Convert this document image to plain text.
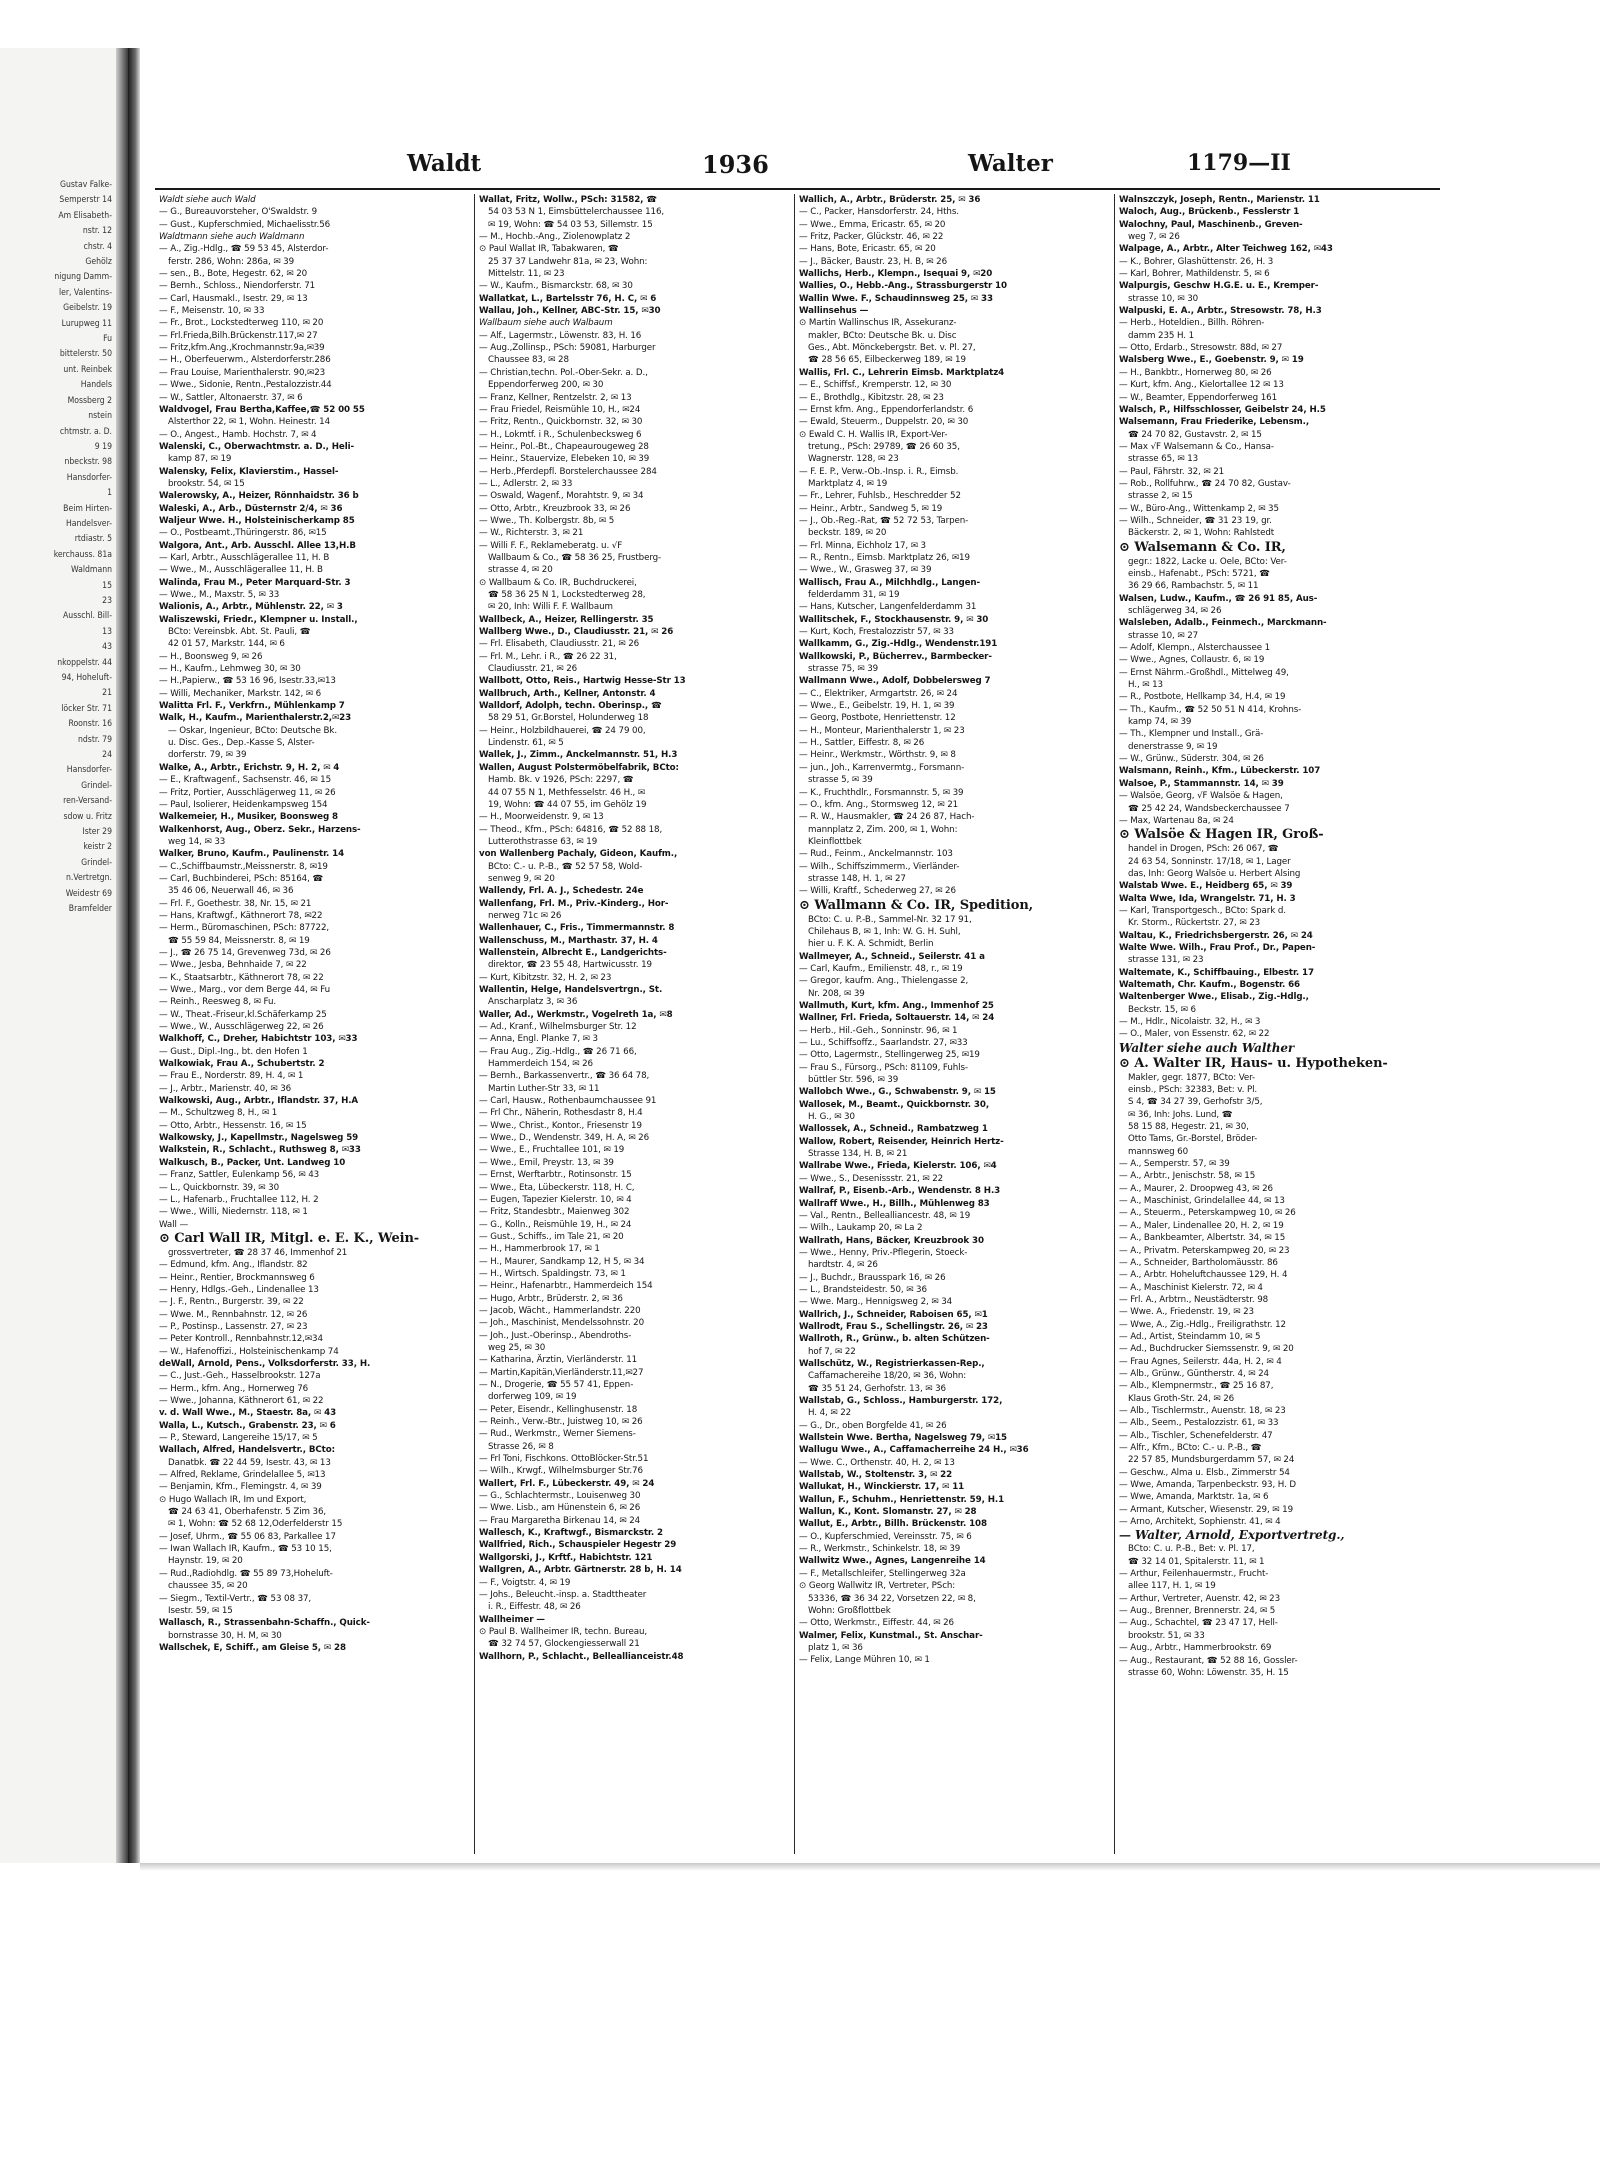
Gustav Falke-
Semperstr 14
Am Elisabeth-
nstr. 12
chstr. 4
Gehölz
nigung Damm-
ler, Valentins-
Geibelstr. 19
Lurupweg 11
Fu
bittelerstr. 50
unt. Reinbek
Handels
Mossberg 2
nstein
chtmstr. a. D.
9 19
nbeckstr. 98
Hansdorfer-
1
Beim Hirten-
Handelsver-
rtdiastr. 5
kerchauss. 81a
Waldmann
15
23
Ausschl. Bill-
13
43
nkoppelstr. 44
94, Hoheluft-
21
löcker Str. 71
Roonstr. 16
ndstr. 79
24
Hansdorfer-
Grindel-
ren-Versand-
sdow u. Fritz
Ister 29
keistr 2
Grindel-
n.Vertretgn.
Weidestr 69
Bramfelder
Waldt	1936	Walter	1179—II
Waldt siehe auch Wald
— G., Bureauvorsteher, O'Swaldstr. 9
— Gust., Kupferschmied, Michaelisstr.56
Waldtmann siehe auch Waldmann
— A., Zig.-Hdlg., ☎ 59 53 45, Alsterdor-
ferstr. 286, Wohn: 286a, ✉ 39
— sen., B., Bote, Hegestr. 62, ✉ 20
— Bernh., Schloss., Niendorferstr. 71
— Carl, Hausmakl., Isestr. 29, ✉ 13
— F., Meisenstr. 10, ✉ 33
— Fr., Brot., Lockstedterweg 110, ✉ 20
— Frl.Frieda,Bilh.Brückenstr.117,✉ 27
— Fritz,kfm.Ang.,Krochmannstr.9a,✉39
— H., Oberfeuerwm., Alsterdorferstr.286
— Frau Louise, Marienthalerstr. 90,✉23
— Wwe., Sidonie, Rentn.,Pestalozzistr.44
— W., Sattler, Altonaerstr. 37, ✉ 6
Waldvogel, Frau Bertha,Kaffee,☎ 52 00 55
Alsterthor 22, ✉ 1, Wohn. Heinestr. 14
— O., Angest., Hamb. Hochstr. 7, ✉ 4
Walenski, C., Oberwachtmstr. a. D., Heli-
kamp 87, ✉ 19
Walensky, Felix, Klavierstim., Hassel-
brookstr. 54, ✉ 15
Walerowsky, A., Heizer, Rönnhaidstr. 36 b
Waleski, A., Arb., Düsternstr 2/4, ✉ 36
Waljeur Wwe. H., Holsteinischerkamp 85
— O., Postbeamt.,Thüringerstr. 86, ✉15
Walgora, Ant., Arb. Ausschl. Allee 13,H.B
— Karl, Arbtr., Ausschlägerallee 11, H. B
— Wwe., M., Ausschlägerallee 11, H. B
Walinda, Frau M., Peter Marquard-Str. 3
— Wwe., M., Maxstr. 5, ✉ 33
Walionis, A., Arbtr., Mühlenstr. 22, ✉ 3
Waliszewski, Friedr., Klempner u. Install.,
BCto: Vereinsbk. Abt. St. Pauli, ☎
42 01 57, Markstr. 144, ✉ 6
— H., Boonsweg 9, ✉ 26
— H., Kaufm., Lehmweg 30, ✉ 30
— H.,Papierw., ☎ 53 16 96, Isestr.33,✉13
— Willi, Mechaniker, Markstr. 142, ✉ 6
Walitta Frl. F., Verkfrn., Mühlenkamp 7
Walk, H., Kaufm., Marienthalerstr.2,✉23
— Oskar, Ingenieur, BCto: Deutsche Bk.
u. Disc. Ges., Dep.-Kasse S, Alster-
dorferstr. 79, ✉ 39
Walke, A., Arbtr., Erichstr. 9, H. 2, ✉ 4
— E., Kraftwagenf., Sachsenstr. 46, ✉ 15
— Fritz, Portier, Ausschlägerweg 11, ✉ 26
— Paul, Isolierer, Heidenkampsweg 154
Walkemeier, H., Musiker, Boonsweg 8
Walkenhorst, Aug., Oberz. Sekr., Harzens-
weg 14, ✉ 33
Walker, Bruno, Kaufm., Paulinenstr. 14
— C.,Schiffbaumstr.,Meissnerstr. 8, ✉19
— Carl, Buchbinderei, PSch: 85164, ☎
35 46 06, Neuerwall 46, ✉ 36
— Frl. F., Goethestr. 38, Nr. 15, ✉ 21
— Hans, Kraftwgf., Käthnerort 78, ✉22
— Herm., Büromaschinen, PSch: 87722,
☎ 55 59 84, Meissnerstr. 8, ✉ 19
— J., ☎ 26 75 14, Grevenweg 73d, ✉ 26
— Wwe., Jesba, Behnhaide 7, ✉ 22
— K., Staatsarbtr., Käthnerort 78, ✉ 22
— Wwe., Marg., vor dem Berge 44, ✉ Fu
— Reinh., Reesweg 8, ✉ Fu.
— W., Theat.-Friseur,kl.Schäferkamp 25
— Wwe., W., Ausschlägerweg 22, ✉ 26
Walkhoff, C., Dreher, Habichtstr 103, ✉33
— Gust., Dipl.-Ing., bt. den Hofen 1
Walkowiak, Frau A., Schubertstr. 2
— Frau E., Norderstr. 89, H. 4, ✉ 1
— J., Arbtr., Marienstr. 40, ✉ 36
Walkowski, Aug., Arbtr., Iflandstr. 37, H.A
— M., Schultzweg 8, H., ✉ 1
— Otto, Arbtr., Hessenstr. 16, ✉ 15
Walkowsky, J., Kapellmstr., Nagelsweg 59
Walkstein, R., Schlacht., Ruthsweg 8, ✉33
Walkusch, B., Packer, Unt. Landweg 10
— Franz, Sattler, Eulenkamp 56, ✉ 43
— L., Quickbornstr. 39, ✉ 30
— L., Hafenarb., Fruchtallee 112, H. 2
— Wwe., Willi, Niedernstr. 118, ✉ 1
Wall —
⊙ Carl Wall IR, Mitgl. e. E. K., Wein-
grossvertreter, ☎ 28 37 46, Immenhof 21
— Edmund, kfm. Ang., Iflandstr. 82
— Heinr., Rentier, Brockmannsweg 6
— Henry, Hdlgs.-Geh., Lindenallee 13
— J. F., Rentn., Burgerstr. 39, ✉ 22
— Wwe. M., Rennbahnstr. 12, ✉ 26
— P., Postinsp., Lassenstr. 27, ✉ 23
— Peter Kontroll., Rennbahnstr.12,✉34
— W., Hafenoffizi., Holsteinischenkamp 74
deWall, Arnold, Pens., Volksdorferstr. 33, H.
— C., Just.-Geh., Hasselbrookstr. 127a
— Herm., kfm. Ang., Hornerweg 76
— Wwe., Johanna, Käthnerort 61, ✉ 22
v. d. Wall Wwe., M., Staestr. 8a, ✉ 43
Walla, L., Kutsch., Grabenstr. 23, ✉ 6
— P., Steward, Langereihe 15/17, ✉ 5
Wallach, Alfred, Handelsvertr., BCto:
Danatbk. ☎ 22 44 59, Isestr. 43, ✉ 13
— Alfred, Reklame, Grindelallee 5, ✉13
— Benjamin, Kfm., Flemingstr. 4, ✉ 39
⊙ Hugo Wallach IR, Im und Export,
☎ 24 63 41, Oberhafenstr. 5 Zim 36,
✉ 1, Wohn: ☎ 52 68 12,Oderfelderstr 15
— Josef, Uhrm., ☎ 55 06 83, Parkallee 17
— Iwan Wallach IR, Kaufm., ☎ 53 10 15,
Haynstr. 19, ✉ 20
— Rud.,Radiohdlg. ☎ 55 89 73,Hoheluft-
chaussee 35, ✉ 20
— Siegm., Textil-Vertr., ☎ 53 08 37,
Isestr. 59, ✉ 15
Wallasch, R., Strassenbahn-Schaffn., Quick-
bornstrasse 30, H. M, ✉ 30
Wallschek, E, Schiff., am Gleise 5, ✉ 28
Wallat, Fritz, Wollw., PSch: 31582, ☎
54 03 53 N 1, Eimsbüttelerchaussee 116,
✉ 19, Wohn: ☎ 54 03 53, Sillemstr. 15
— M., Hochb.-Ang., Ziolenowplatz 2
⊙ Paul Wallat IR, Tabakwaren, ☎
25 37 37 Landwehr 81a, ✉ 23, Wohn:
Mittelstr. 11, ✉ 23
— W., Kaufm., Bismarckstr. 68, ✉ 30
Wallatkat, L., Bartelsstr 76, H. C, ✉ 6
Wallau, Joh., Kellner, ABC-Str. 15, ✉30
Wallbaum siehe auch Walbaum
— Alf., Lagermstr., Löwenstr. 83, H. 16
— Aug.,Zollinsp., PSch: 59081, Harburger
Chaussee 83, ✉ 28
— Christian,techn. Pol.-Ober-Sekr. a. D.,
Eppendorferweg 200, ✉ 30
— Franz, Kellner, Rentzelstr. 2, ✉ 13
— Frau Friedel, Reismühle 10, H., ✉24
— Fritz, Rentn., Quickbornstr. 32, ✉ 30
— H., Lokmtf. i R., Schulenbecksweg 6
— Heinr., Pol.-Bt., Chapeaurougeweg 28
— Heinr., Stauervize, Elebeken 10, ✉ 39
— Herb.,Pferdepfl. Borstelerchaussee 284
— L., Adlerstr. 2, ✉ 33
— Oswald, Wagenf., Morahtstr. 9, ✉ 34
— Otto, Arbtr., Kreuzbrook 33, ✉ 26
— Wwe., Th. Kolbergstr. 8b, ✉ 5
— W., Richterstr. 3, ✉ 21
— Willi F. F., Reklameberatg. u. √F
Wallbaum & Co., ☎ 58 36 25, Frustberg-
strasse 4, ✉ 20
⊙ Wallbaum & Co. IR, Buchdruckerei,
☎ 58 36 25 N 1, Lockstedterweg 28,
✉ 20, Inh: Willi F. F. Wallbaum
Wallbeck, A., Heizer, Rellingerstr. 35
Wallberg Wwe., D., Claudiusstr. 21, ✉ 26
— Frl. Elisabeth, Claudiusstr. 21, ✉ 26
— Frl. M., Lehr. i R., ☎ 26 22 31,
Claudiusstr. 21, ✉ 26
Wallbott, Otto, Reis., Hartwig Hesse-Str 13
Wallbruch, Arth., Kellner, Antonstr. 4
Walldorf, Adolph, techn. Oberinsp., ☎
58 29 51, Gr.Borstel, Holunderweg 18
— Heinr., Holzbildhauerei, ☎ 24 79 00,
Lindenstr. 61, ✉ 5
Wallek, J., Zimm., Anckelmannstr. 51, H.3
Wallen, August Polstermöbelfabrik, BCto:
Hamb. Bk. v 1926, PSch: 2297, ☎
44 07 55 N 1, Methfesselstr. 46 H., ✉
19, Wohn: ☎ 44 07 55, im Gehölz 19
— H., Moorweidenstr. 9, ✉ 13
— Theod., Kfm., PSch: 64816, ☎ 52 88 18,
Lutterothstrasse 63, ✉ 19
von Wallenberg Pachaly, Gideon, Kaufm.,
BCto: C.- u. P.-B., ☎ 52 57 58, Wold-
senweg 9, ✉ 20
Wallendy, Frl. A. J., Schedestr. 24e
Wallenfang, Frl. M., Priv.-Kinderg., Hor-
nerweg 71c ✉ 26
Wallenhauer, C., Fris., Timmermannstr. 8
Wallenschuss, M., Marthastr. 37, H. 4
Wallenstein, Albrecht E., Landgerichts-
direktor, ☎ 23 55 48, Hartwicusstr. 19
— Kurt, Kibitzstr. 32, H. 2, ✉ 23
Wallentin, Helge, Handelsvertrgn., St.
Anscharplatz 3, ✉ 36
Waller, Ad., Werkmstr., Vogelreth 1a, ✉8
— Ad., Kranf., Wilhelmsburger Str. 12
— Anna, Engl. Planke 7, ✉ 3
— Frau Aug., Zig.-Hdlg., ☎ 26 71 66,
Hammerdeich 154, ✉ 26
— Bernh., Barkassenvertr., ☎ 36 64 78,
Martin Luther-Str 33, ✉ 11
— Carl, Hausw., Rothenbaumchaussee 91
— Frl Chr., Näherin, Rothesdastr 8, H.4
— Wwe., Christ., Kontor., Friesenstr 19
— Wwe., D., Wendenstr. 349, H. A, ✉ 26
— Wwe., E., Fruchtallee 101, ✉ 19
— Wwe., Emil, Preystr. 13, ✉ 39
— Ernst, Werftarbtr., Rotinsonstr. 15
— Wwe., Eta, Lübeckerstr. 118, H. C,
— Eugen, Tapezier Kielerstr. 10, ✉ 4
— Fritz, Standesbtr., Maienweg 302
— G., Kolln., Reismühle 19, H., ✉ 24
— Gust., Schiffs., im Tale 21, ✉ 20
— H., Hammerbrook 17, ✉ 1
— H., Maurer, Sandkamp 12, H 5, ✉ 34
— H., Wirtsch. Spaldingstr. 73, ✉ 1
— Heinr., Hafenarbtr., Hammerdeich 154
— Hugo, Arbtr., Brüderstr. 2, ✉ 36
— Jacob, Wächt., Hammerlandstr. 220
— Joh., Maschinist, Mendelssohnstr. 20
— Joh., Just.-Oberinsp., Abendroths-
weg 25, ✉ 30
— Katharina, Ärztin, Vierländerstr. 11
— Martin,Kapitän,Vierländerstr.11,✉27
— N., Drogerie, ☎ 55 57 41, Eppen-
dorferweg 109, ✉ 19
— Peter, Eisendr., Kellinghusenstr. 18
— Reinh., Verw.-Btr., Juistweg 10, ✉ 26
— Rud., Werkmstr., Werner Siemens-
Strasse 26, ✉ 8
— Frl Toni, Fischkons. OttoBlöcker-Str.51
— Wilh., Krwgf., Wilhelmsburger Str.76
Wallert, Frl. F., Lübeckerstr. 49, ✉ 24
— G., Schlachtermstr., Louisenweg 30
— Wwe. Lisb., am Hünenstein 6, ✉ 26
— Frau Margaretha Birkenau 14, ✉ 24
Wallesch, K., Kraftwgf., Bismarckstr. 2
Wallfried, Rich., Schauspieler Hegestr 29
Wallgorski, J., Krftf., Habichtstr. 121
Wallgren, A., Arbtr. Gärtnerstr. 28 b, H. 14
— F., Voigtstr. 4, ✉ 19
— Johs., Beleucht.-insp. a. Stadttheater
i. R., Eiffestr. 48, ✉ 26
Wallheimer —
⊙ Paul B. Wallheimer IR, techn. Bureau,
☎ 32 74 57, Glockengiesserwall 21
Wallhorn, P., Schlacht., Belleallianceistr.48
Wallich, A., Arbtr., Brüderstr. 25, ✉ 36
— C., Packer, Hansdorferstr. 24, Hths.
— Wwe., Emma, Ericastr. 65, ✉ 20
— Fritz, Packer, Glückstr. 46, ✉ 22
— Hans, Bote, Ericastr. 65, ✉ 20
— J., Bäcker, Baustr. 23, H. B, ✉ 26
Wallichs, Herb., Klempn., Isequai 9, ✉20
Wallies, O., Hebb.-Ang., Strassburgerstr 10
Wallin Wwe. F., Schaudinnsweg 25, ✉ 33
Wallinsehus —
⊙ Martin Wallinschus IR, Assekuranz-
makler, BCto: Deutsche Bk. u. Disc
Ges., Abt. Mönckebergstr. Bet. v. Pl. 27,
☎ 28 56 65, Eilbeckerweg 189, ✉ 19
Wallis, Frl. C., Lehrerin Eimsb. Marktplatz4
— E., Schiffsf., Kremperstr. 12, ✉ 30
— E., Brothdlg., Kibitzstr. 28, ✉ 23
— Ernst kfm. Ang., Eppendorferlandstr. 6
— Ewald, Steuerm., Duppelstr. 20, ✉ 30
⊙ Ewald C. H. Wallis IR, Export-Ver-
tretung., PSch: 29789, ☎ 26 60 35,
Wagnerstr. 128, ✉ 23
— F. E. P., Verw.-Ob.-Insp. i. R., Eimsb.
Marktplatz 4, ✉ 19
— Fr., Lehrer, Fuhlsb., Heschredder 52
— Heinr., Arbtr., Sandweg 5, ✉ 19
— J., Ob.-Reg.-Rat, ☎ 52 72 53, Tarpen-
beckstr. 189, ✉ 20
— Frl. Minna, Eichholz 17, ✉ 3
— R., Rentn., Eimsb. Marktplatz 26, ✉19
— Wwe., W., Grasweg 37, ✉ 39
Wallisch, Frau A., Milchhdlg., Langen-
felderdamm 31, ✉ 19
— Hans, Kutscher, Langenfelderdamm 31
Wallitschek, F., Stockhausenstr. 9, ✉ 30
— Kurt, Koch, Frestalozzistr 57, ✉ 33
Wallkamm, G., Zig.-Hdlg., Wendenstr.191
Wallkowski, P., Bücherrev., Barmbecker-
strasse 75, ✉ 39
Wallmann Wwe., Adolf, Dobbelersweg 7
— C., Elektriker, Armgartstr. 26, ✉ 24
— Wwe., E., Geibelstr. 19, H. 1, ✉ 39
— Georg, Postbote, Henriettenstr. 12
— H., Monteur, Marienthalerstr 1, ✉ 23
— H., Sattler, Eiffestr. 8, ✉ 26
— Heinr., Werkmstr., Wörthstr. 9, ✉ 8
— jun., Joh., Karrenvermtg., Forsmann-
strasse 5, ✉ 39
— K., Fruchthdlr., Forsmannstr. 5, ✉ 39
— O., kfm. Ang., Stormsweg 12, ✉ 21
— R. W., Hausmakler, ☎ 24 26 87, Hach-
mannplatz 2, Zim. 200, ✉ 1, Wohn:
Kleinflottbek
— Rud., Feinm., Anckelmannstr. 103
— Wilh., Schiffszimmerm., Vierländer-
strasse 148, H. 1, ✉ 27
— Willi, Kraftf., Schederweg 27, ✉ 26
⊙ Wallmann & Co. IR, Spedition,
BCto: C. u. P.-B., Sammel-Nr. 32 17 91,
Chilehaus B, ✉ 1, Inh: W. G. H. Suhl,
hier u. F. K. A. Schmidt, Berlin
Wallmeyer, A., Schneid., Seilerstr. 41 a
— Carl, Kaufm., Emilienstr. 48, r., ✉ 19
— Gregor, kaufm. Ang., Thielengasse 2,
Nr. 208, ✉ 39
Wallmuth, Kurt, kfm. Ang., Immenhof 25
Wallner, Frl. Frieda, Soltauerstr. 14, ✉ 24
— Herb., Hil.-Geh., Sonninstr. 96, ✉ 1
— Lu., Schiffsoffz., Saarlandstr. 27, ✉33
— Otto, Lagermstr., Stellingerweg 25, ✉19
— Frau S., Fürsorg., PSch: 81109, Fuhls-
büttler Str. 596, ✉ 39
Wallobch Wwe., G., Schwabenstr. 9, ✉ 15
Wallosek, M., Beamt., Quickbornstr. 30,
H. G., ✉ 30
Wallossek, A., Schneid., Rambatzweg 1
Wallow, Robert, Reisender, Heinrich Hertz-
Strasse 134, H. B, ✉ 21
Wallrabe Wwe., Frieda, Kielerstr. 106, ✉4
— Wwe., S., Desenissstr. 21, ✉ 22
Wallraf, P., Eisenb.-Arb., Wendenstr. 8 H.3
Wallraff Wwe., H., Billh., Mühlenweg 83
— Val., Rentn., Bellealliancestr. 48, ✉ 19
— Wilh., Laukamp 20, ✉ La 2
Wallrath, Hans, Bäcker, Kreuzbrook 30
— Wwe., Henny, Priv.-Pflegerin, Stoeck-
hardtstr. 4, ✉ 26
— J., Buchdr., Brausspark 16, ✉ 26
— L., Brandsteidestr. 50, ✉ 36
— Wwe. Marg., Hennigsweg 2, ✉ 34
Wallrich, J., Schneider, Raboisen 65, ✉1
Wallrodt, Frau S., Schellingstr. 26, ✉ 23
Wallroth, R., Grünw., b. alten Schützen-
hof 7, ✉ 22
Wallschütz, W., Registrierkassen-Rep.,
Caffamachereihe 18/20, ✉ 36, Wohn:
☎ 35 51 24, Gerhofstr. 13, ✉ 36
Wallstab, G., Schloss., Hamburgerstr. 172,
H. 4, ✉ 22
— G., Dr., oben Borgfelde 41, ✉ 26
Wallstein Wwe. Bertha, Nagelsweg 79, ✉15
Wallugu Wwe., A., Caffamacherreihe 24 H., ✉36
— Wwe. C., Orthenstr. 40, H. 2, ✉ 13
Wallstab, W., Stoltenstr. 3, ✉ 22
Wallukat, H., Winckierstr. 17, ✉ 11
Wallun, F., Schuhm., Henriettenstr. 59, H.1
Wallun, K., Kont. Slomanstr. 27, ✉ 28
Wallut, E., Arbtr., Billh. Brückenstr. 108
— O., Kupferschmied, Vereinsstr. 75, ✉ 6
— R., Werkmstr., Schinkelstr. 18, ✉ 39
Wallwitz Wwe., Agnes, Langenreihe 14
— F., Metallschleifer, Stellingerweg 32a
⊙ Georg Wallwitz IR, Vertreter, PSch:
53336, ☎ 36 34 22, Vorsetzen 22, ✉ 8,
Wohn: Großflottbek
— Otto, Werkmstr., Eiffestr. 44, ✉ 26
Walmer, Felix, Kunstmal., St. Anschar-
platz 1, ✉ 36
— Felix, Lange Mühren 10, ✉ 1
Walnszczyk, Joseph, Rentn., Marienstr. 11
Waloch, Aug., Brückenb., Fesslerstr 1
Walochny, Paul, Maschinenb., Greven-
weg 7, ✉ 26
Walpage, A., Arbtr., Alter Teichweg 162, ✉43
— K., Bohrer, Glashüttenstr. 26, H. 3
— Karl, Bohrer, Mathildenstr. 5, ✉ 6
Walpurgis, Geschw H.G.E. u. E., Kremper-
strasse 10, ✉ 30
Walpuski, E. A., Arbtr., Stresowstr. 78, H.3
— Herb., Hoteldien., Billh. Röhren-
damm 235 H. 1
— Otto, Erdarb., Stresowstr. 88d, ✉ 27
Walsberg Wwe., E., Goebenstr. 9, ✉ 19
— H., Bankbtr., Hornerweg 80, ✉ 26
— Kurt, kfm. Ang., Kielortallee 12 ✉ 13
— W., Beamter, Eppendorferweg 161
Walsch, P., Hilfsschlosser, Geibelstr 24, H.5
Walsemann, Frau Friederike, Lebensm.,
☎ 24 70 82, Gustavstr. 2, ✉ 15
— Max √F Walsemann & Co., Hansa-
strasse 65, ✉ 13
— Paul, Fährstr. 32, ✉ 21
— Rob., Rollfuhrw., ☎ 24 70 82, Gustav-
strasse 2, ✉ 15
— W., Büro-Ang., Wittenkamp 2, ✉ 35
— Wilh., Schneider, ☎ 31 23 19, gr.
Bäckerstr. 2, ✉ 1, Wohn: Rahlstedt
⊙ Walsemann & Co. IR,
gegr.: 1822, Lacke u. Oele, BCto: Ver-
einsb., Hafenabt., PSch: 5721, ☎
36 29 66, Rambachstr. 5, ✉ 11
Walsen, Ludw., Kaufm., ☎ 26 91 85, Aus-
schlägerweg 34, ✉ 26
Walsleben, Adalb., Feinmech., Marckmann-
strasse 10, ✉ 27
— Adolf, Klempn., Alsterchaussee 1
— Wwe., Agnes, Collaustr. 6, ✉ 19
— Ernst Nährm.-Großhdl., Mittelweg 49,
H., ✉ 13
— R., Postbote, Hellkamp 34, H.4, ✉ 19
— Th., Kaufm., ☎ 52 50 51 N 414, Krohns-
kamp 74, ✉ 39
— Th., Klempner und Install., Grä-
denerstrasse 9, ✉ 19
— W., Grünw., Süderstr. 304, ✉ 26
Walsmann, Reinh., Kfm., Lübeckerstr. 107
Walsoe, P., Stammannstr. 14, ✉ 39
— Walsöe, Georg, √F Walsöe & Hagen,
☎ 25 42 24, Wandsbeckerchaussee 7
— Max, Wartenau 8a, ✉ 24
⊙ Walsöe & Hagen IR, Groß-
handel in Drogen, PSch: 26 067, ☎
24 63 54, Sonninstr. 17/18, ✉ 1, Lager
das, Inh: Georg Walsöe u. Herbert Alsing
Walstab Wwe. E., Heidberg 65, ✉ 39
Walta Wwe, Ida, Wrangelstr. 71, H. 3
— Karl, Transportgesch., BCto: Spark d.
Kr. Storm., Rückertstr. 27, ✉ 23
Waltau, K., Friedrichsbergerstr. 26, ✉ 24
Walte Wwe. Wilh., Frau Prof., Dr., Papen-
strasse 131, ✉ 23
Waltemate, K., Schiffbauing., Elbestr. 17
Waltemath, Chr. Kaufm., Bogenstr. 66
Waltenberger Wwe., Elisab., Zig.-Hdlg.,
Beckstr. 15, ✉ 6
— M., Hdlr., Nicolaistr. 32, H., ✉ 3
— O., Maler, von Essenstr. 62, ✉ 22
Walter siehe auch Walther
⊙ A. Walter IR, Haus- u. Hypotheken-
Makler, gegr. 1877, BCto: Ver-
einsb., PSch: 32383, Bet: v. Pl.
S 4, ☎ 34 27 39, Gerhofstr 3/5,
✉ 36, Inh: Johs. Lund, ☎
58 15 88, Hegestr. 21, ✉ 30,
Otto Tams, Gr.-Borstel, Bröder-
mannsweg 60
— A., Semperstr. 57, ✉ 39
— A., Arbtr., Jenischstr. 58, ✉ 15
— A., Maurer, 2. Droopweg 43, ✉ 26
— A., Maschinist, Grindelallee 44, ✉ 13
— A., Steuerm., Peterskampweg 10, ✉ 26
— A., Maler, Lindenallee 20, H. 2, ✉ 19
— A., Bankbeamter, Albertstr. 34, ✉ 15
— A., Privatm. Peterskampweg 20, ✉ 23
— A., Schneider, Bartholomäusstr. 86
— A., Arbtr. Hoheluftchaussee 129, H. 4
— A., Maschinist Kielerstr. 72, ✉ 4
— Frl. A., Arbtrn., Neustädterstr. 98
— Wwe. A., Friedenstr. 19, ✉ 23
— Wwe, A., Zig.-Hdlg., Freiligrathstr. 12
— Ad., Artist, Steindamm 10, ✉ 5
— Ad., Buchdrucker Siemssenstr. 9, ✉ 20
— Frau Agnes, Seilerstr. 44a, H. 2, ✉ 4
— Alb., Grünw., Güntherstr. 4, ✉ 24
— Alb., Klempnermstr., ☎ 25 16 87,
Klaus Groth-Str. 24, ✉ 26
— Alb., Tischlermstr., Auenstr. 18, ✉ 23
— Alb., Seem., Pestalozzistr. 61, ✉ 33
— Alb., Tischler, Schenefelderstr. 47
— Alfr., Kfm., BCto: C.- u. P.-B., ☎
22 57 85, Mundsburgerdamm 57, ✉ 24
— Geschw., Alma u. Elsb., Zimmerstr 54
— Wwe, Amanda, Tarpenbeckstr. 93, H. D
— Wwe, Amanda, Marktstr. 1a, ✉ 6
— Armant, Kutscher, Wiesenstr. 29, ✉ 19
— Arno, Architekt, Sophienstr. 41, ✉ 4
— Walter, Arnold, Exportvertretg.,
BCto: C. u. P.-B., Bet: v. Pl. 17,
☎ 32 14 01, Spitalerstr. 11, ✉ 1
— Arthur, Feilenhauermstr., Frucht-
allee 117, H. 1, ✉ 19
— Arthur, Vertreter, Auenstr. 42, ✉ 23
— Aug., Brenner, Brennerstr. 24, ✉ 5
— Aug., Schachtel, ☎ 23 47 17, Hell-
brookstr. 51, ✉ 33
— Aug., Arbtr., Hammerbrookstr. 69
— Aug., Restaurant, ☎ 52 88 16, Gossler-
strasse 60, Wohn: Löwenstr. 35, H. 15
